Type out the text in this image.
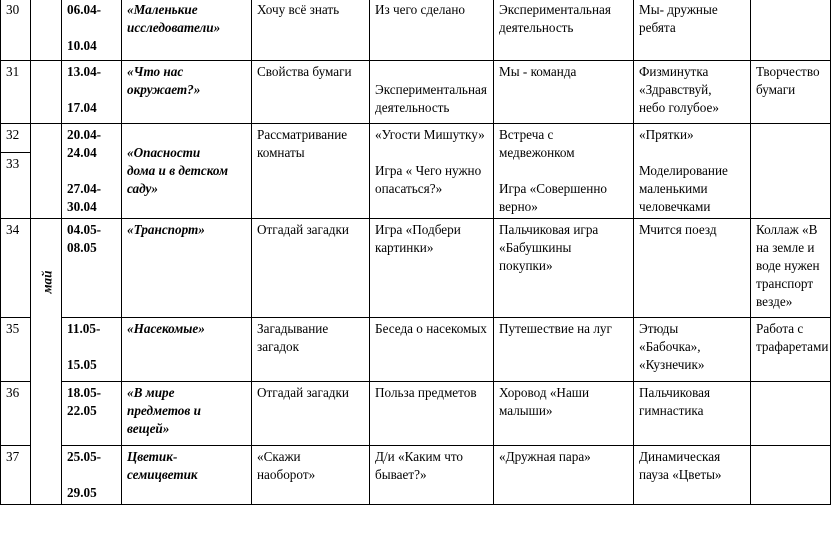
30		06.04-

10.04	«Маленькие
исследователи»	Хочу всё знать	Из чего сделано	Экспериментальная
деятельность	Мы- дружные
ребята	
31		13.04-

17.04	«Что нас
окружает?»	Свойства бумаги	Экспериментальная
деятельность	Мы - команда	Физминутка
«Здравствуй,
небо голубое»	Творчество
бумаги
32		20.04-
24.04

27.04-
30.04	«Опасности
дома и в детском
саду»	Рассматривание
комнаты	«Угости Мишутку»

Игра « Чего нужно
опасаться?»	Встреча с
медвежонком

Игра «Совершенно
верно»	«Прятки»

Моделирование
маленькими
человечками	
33								
34	май	04.05-
08.05	«Транспорт»	Отгадай загадки	Игра «Подбери
картинки»	Пальчиковая игра
«Бабушкины
покупки»	Мчится поезд	Коллаж «В
на земле и
воде нужен
транспорт
везде»
35		11.05-

15.05	«Насекомые»	Загадывание
загадок	Беседа о насекомых	Путешествие на луг	Этюды
«Бабочка»,
«Кузнечик»	Работа с
трафаретами
36		18.05-
22.05	«В мире
предметов и
вещей»	Отгадай загадки	Польза предметов	Хоровод «Наши
малыши»	Пальчиковая
гимнастика	
37		25.05-

29.05	Цветик-
семицветик	«Скажи
наоборот»	Д/и «Каким что
бывает?»	«Дружная пара»	Динамическая
пауза «Цветы»	
